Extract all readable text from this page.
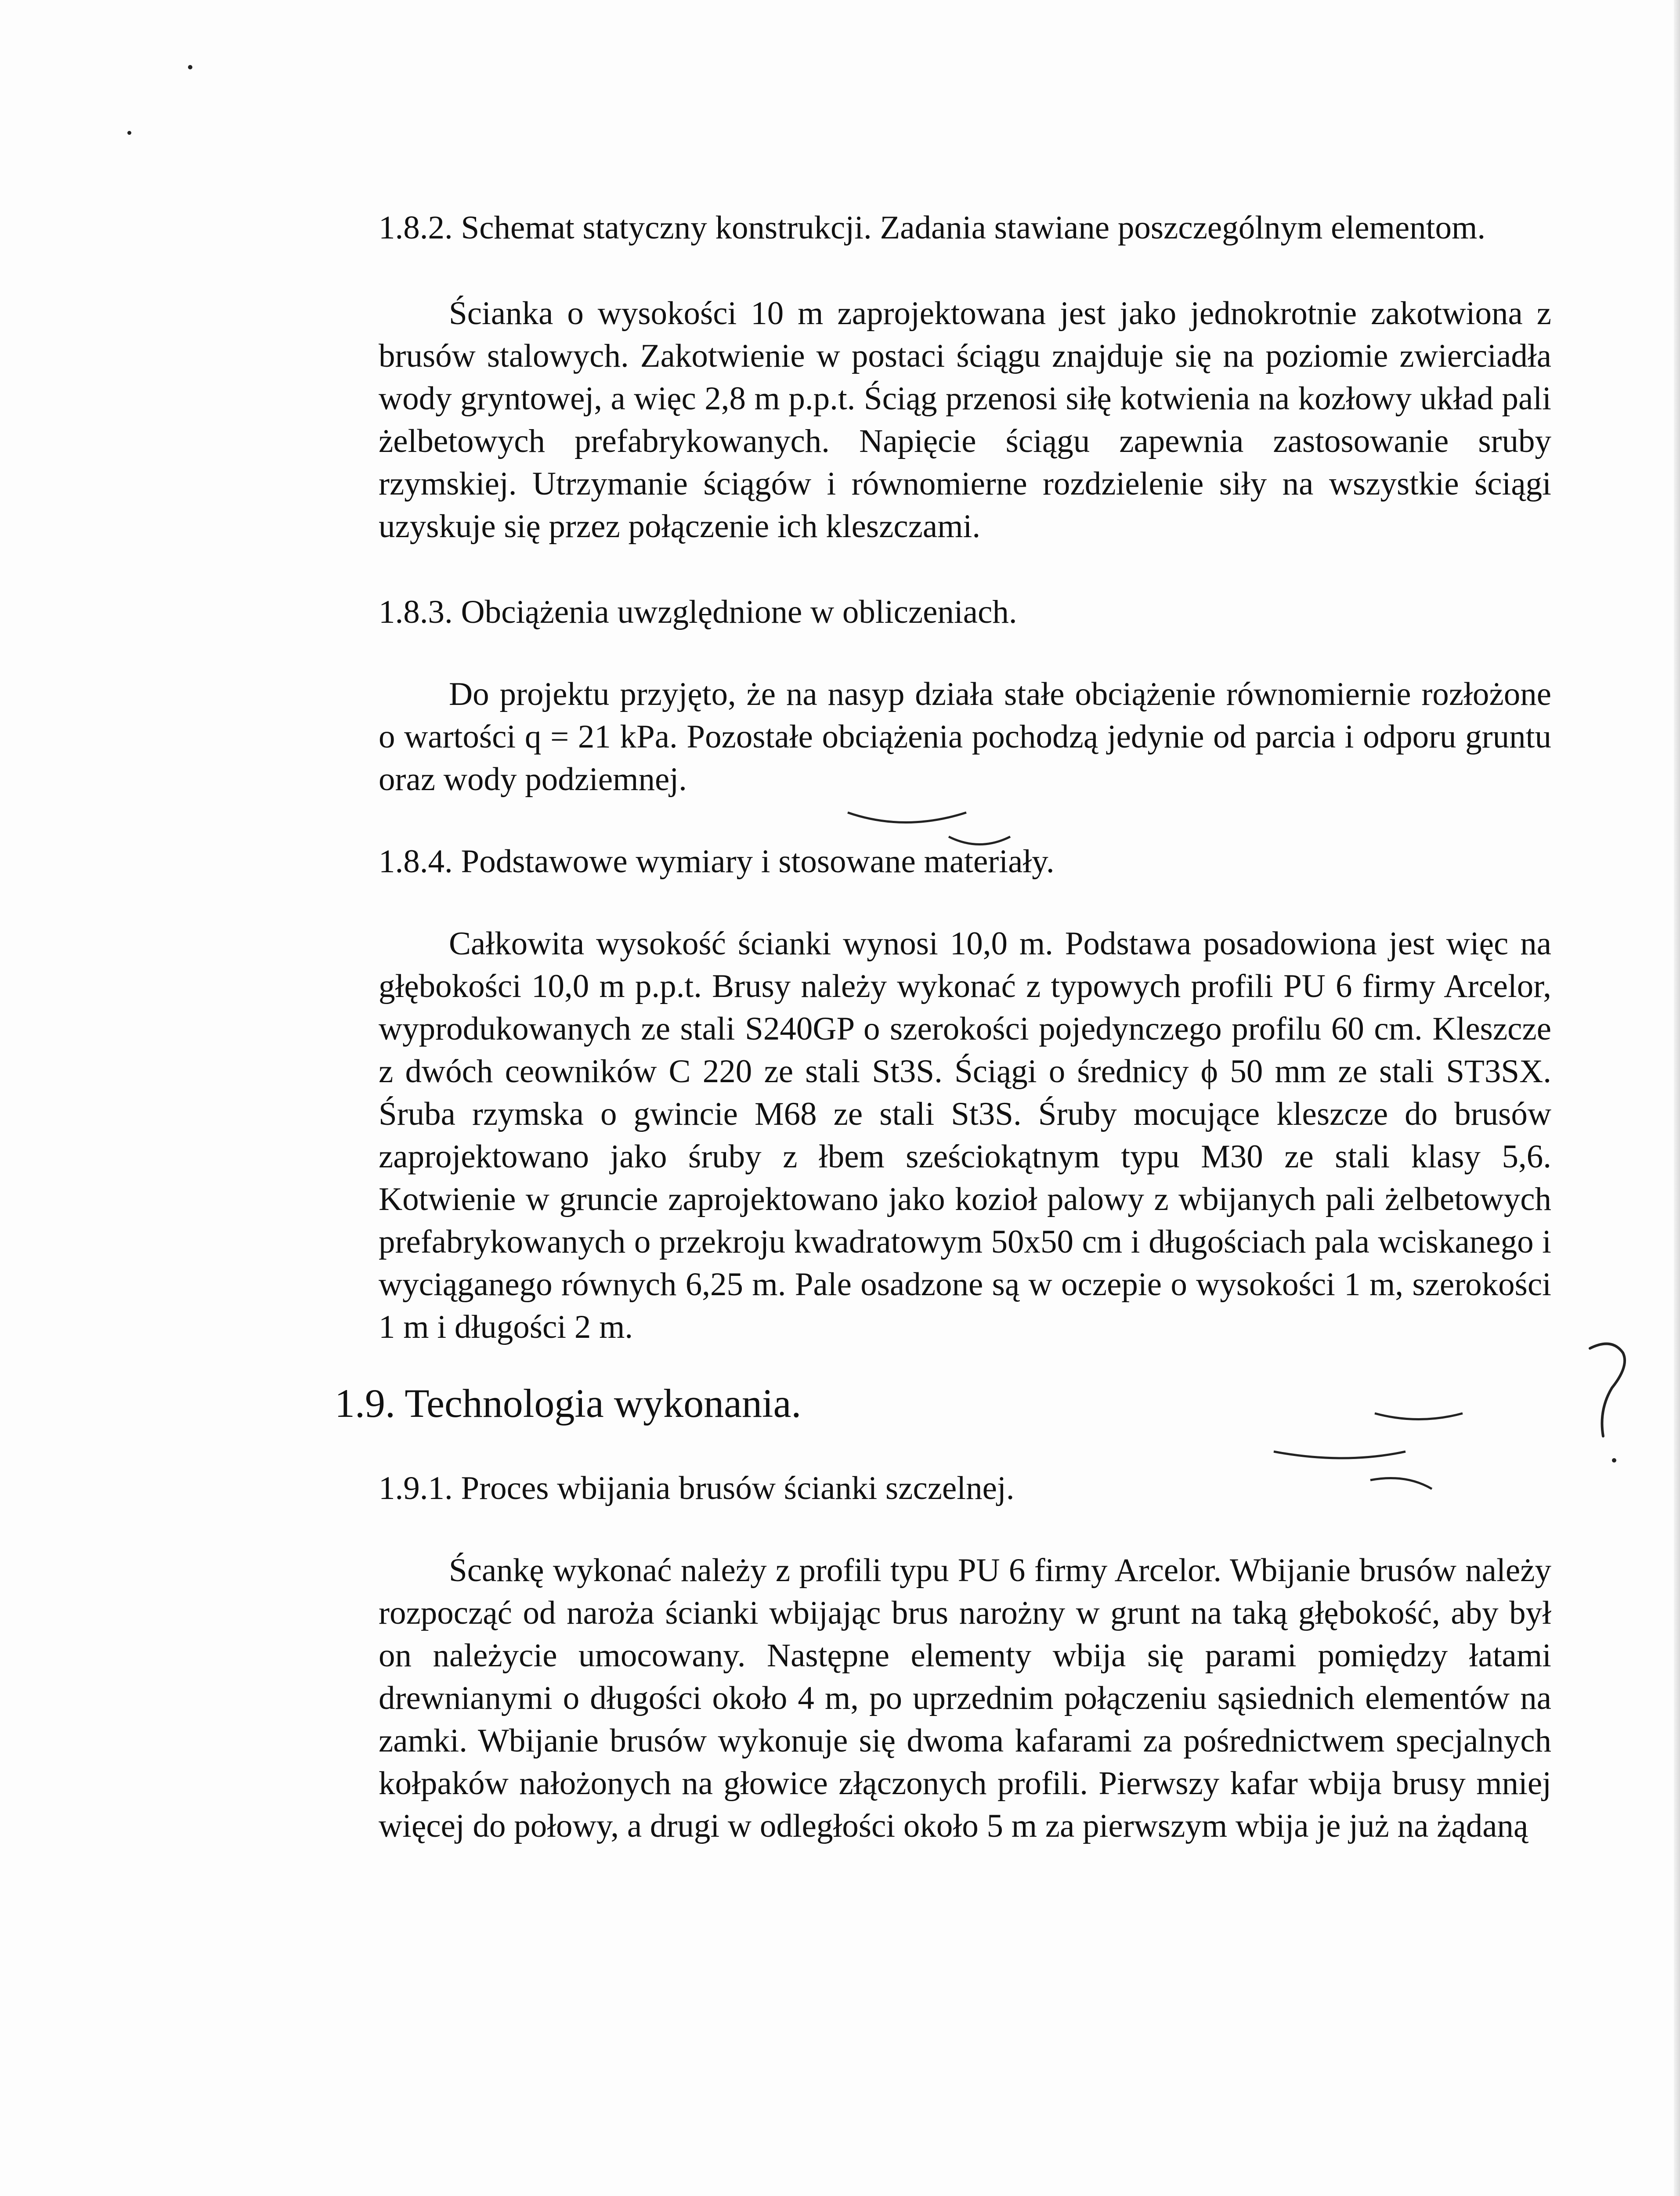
1.8.2. Schemat statyczny konstrukcji. Zadania stawiane poszczególnym elementom.

Ścianka o wysokości 10 m zaprojektowana jest jako jednokrotnie zakotwiona z brusów stalowych. Zakotwienie w postaci ściągu znajduje się na poziomie zwierciadła wody gryntowej, a więc 2,8 m p.p.t. Ściąg przenosi siłę kotwienia na kozłowy układ pali żelbetowych prefabrykowanych. Napięcie ściągu zapewnia zastosowanie sruby rzymskiej. Utrzymanie ściągów i równomierne rozdzielenie siły na wszystkie ściągi uzyskuje się przez połączenie ich kleszczami.

1.8.3. Obciążenia uwzględnione w obliczeniach.

Do projektu przyjęto, że na nasyp działa stałe obciążenie równomiernie rozłożone o wartości q = 21 kPa. Pozostałe obciążenia pochodzą jedynie od parcia i odporu gruntu oraz wody podziemnej.

1.8.4. Podstawowe wymiary i stosowane materiały.

Całkowita wysokość ścianki wynosi 10,0 m. Podstawa posadowiona jest więc na głębokości 10,0 m p.p.t. Brusy należy wykonać z typowych profili PU 6 firmy Arcelor, wyprodukowanych ze stali S240GP o szerokości pojedynczego profilu 60 cm. Kleszcze z dwóch ceowników C 220 ze stali St3S. Ściągi o średnicy ϕ 50 mm ze stali ST3SX. Śruba rzymska o gwincie M68 ze stali St3S. Śruby mocujące kleszcze do brusów zaprojektowano jako śruby z łbem sześciokątnym typu M30 ze stali klasy 5,6. Kotwienie w gruncie zaprojektowano jako kozioł palowy z wbijanych pali żelbetowych prefabrykowanych o przekroju kwadratowym 50x50 cm i długościach pala wciskanego i wyciąganego równych 6,25 m. Pale osadzone są w oczepie o wysokości 1 m, szerokości 1 m i długości 2 m.

1.9. Technologia wykonania.

1.9.1. Proces wbijania brusów ścianki szczelnej.

Ścankę wykonać należy z profili typu PU 6 firmy Arcelor. Wbijanie brusów należy rozpocząć od naroża ścianki wbijając brus narożny w grunt na taką głębokość, aby był on należycie umocowany. Następne elementy wbija się parami pomiędzy łatami drewnianymi o długości około 4 m, po uprzednim połączeniu sąsiednich elementów na zamki. Wbijanie brusów wykonuje się dwoma kafarami za pośrednictwem specjalnych kołpaków nałożonych na głowice złączonych profili. Pierwszy kafar wbija brusy mniej więcej do połowy, a drugi w odległości około 5 m za pierwszym wbija je już na żądaną
